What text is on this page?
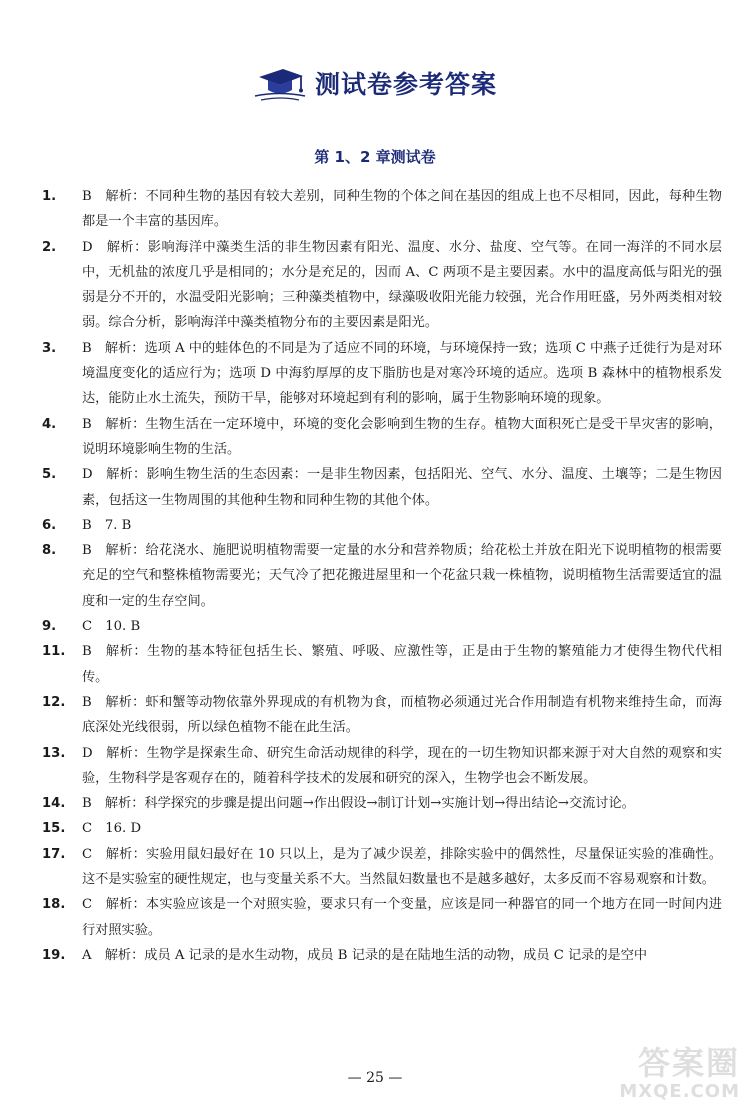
测试卷参考答案
第 1、2 章测试卷
1.	B　解析：不同种生物的基因有较大差别，同种生物的个体之间在基因的组成上也不尽相同，因此，每种生物都是一个丰富的基因库。
2.	D　解析：影响海洋中藻类生活的非生物因素有阳光、温度、水分、盐度、空气等。在同一海洋的不同水层中，无机盐的浓度几乎是相同的；水分是充足的，因而 A、C 两项不是主要因素。水中的温度高低与阳光的强弱是分不开的，水温受阳光影响；三种藻类植物中，绿藻吸收阳光能力较强，光合作用旺盛，另外两类相对较弱。综合分析，影响海洋中藻类植物分布的主要因素是阳光。
3.	B　解析：选项 A 中的蛙体色的不同是为了适应不同的环境，与环境保持一致；选项 C 中燕子迁徙行为是对环境温度变化的适应行为；选项 D 中海豹厚厚的皮下脂肪也是对寒冷环境的适应。选项 B 森林中的植物根系发达，能防止水土流失，预防干旱，能够对环境起到有利的影响，属于生物影响环境的现象。
4.	B　解析：生物生活在一定环境中，环境的变化会影响到生物的生存。植物大面积死亡是受干旱灾害的影响，说明环境影响生物的生活。
5.	D　解析：影响生物生活的生态因素：一是非生物因素，包括阳光、空气、水分、温度、土壤等；二是生物因素，包括这一生物周围的其他种生物和同种生物的其他个体。
6.	B　7. B
8.	B　解析：给花浇水、施肥说明植物需要一定量的水分和营养物质；给花松土并放在阳光下说明植物的根需要充足的空气和整株植物需要光；天气冷了把花搬进屋里和一个花盆只栽一株植物，说明植物生活需要适宜的温度和一定的生存空间。
9.	C　10. B
11.	B　解析：生物的基本特征包括生长、繁殖、呼吸、应激性等，正是由于生物的繁殖能力才使得生物代代相传。
12.	B　解析：虾和蟹等动物依靠外界现成的有机物为食，而植物必须通过光合作用制造有机物来维持生命，而海底深处光线很弱，所以绿色植物不能在此生活。
13.	D　解析：生物学是探索生命、研究生命活动规律的科学，现在的一切生物知识都来源于对大自然的观察和实验，生物科学是客观存在的，随着科学技术的发展和研究的深入，生物学也会不断发展。
14.	B　解析：科学探究的步骤是提出问题→作出假设→制订计划→实施计划→得出结论→交流讨论。
15.	C　16. D
17.	C　解析：实验用鼠妇最好在 10 只以上，是为了减少误差，排除实验中的偶然性，尽量保证实验的准确性。这不是实验室的硬性规定，也与变量关系不大。当然鼠妇数量也不是越多越好，太多反而不容易观察和计数。
18.	C　解析：本实验应该是一个对照实验，要求只有一个变量，应该是同一种器官的同一个地方在同一时间内进行对照实验。
19.	A　解析：成员 A 记录的是水生动物，成员 B 记录的是在陆地生活的动物，成员 C 记录的是空中
— 25 —	答案圈
MXQE.COM
